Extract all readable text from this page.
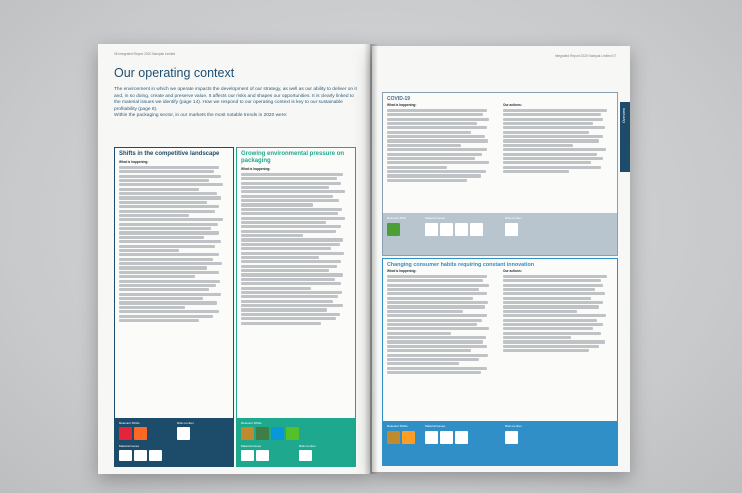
06 Integrated Report 2020 Nampak Limited
Our operating context
The environment in which we operate impacts the development of our strategy, as well as our ability to deliver on it and, in so doing, create and preserve value. It affects our risks and shapes our opportunities. It is clearly linked to the material issues we identify (page 14). How we respond to our operating context is key to our sustainable profitability (page 8).
Within the packaging sector, in our markets the most notable trends in 2020 were:
Shifts in the competitive landscape
What is happening:
Relevant SDGs	Risk number
Material issues
Growing environmental pressure on packaging
What is happening:
Relevant SDGs
Material issues	Risk number
Integrated Report 2020 Nampak Limited 07
Overview
COVID-19
What is happening:	Our actions:
Relevant SDG	Material issues	Risk number
Changing consumer habits requiring constant innovation
What is happening:	Our actions:
Relevant SDGs	Material issues	Risk number
